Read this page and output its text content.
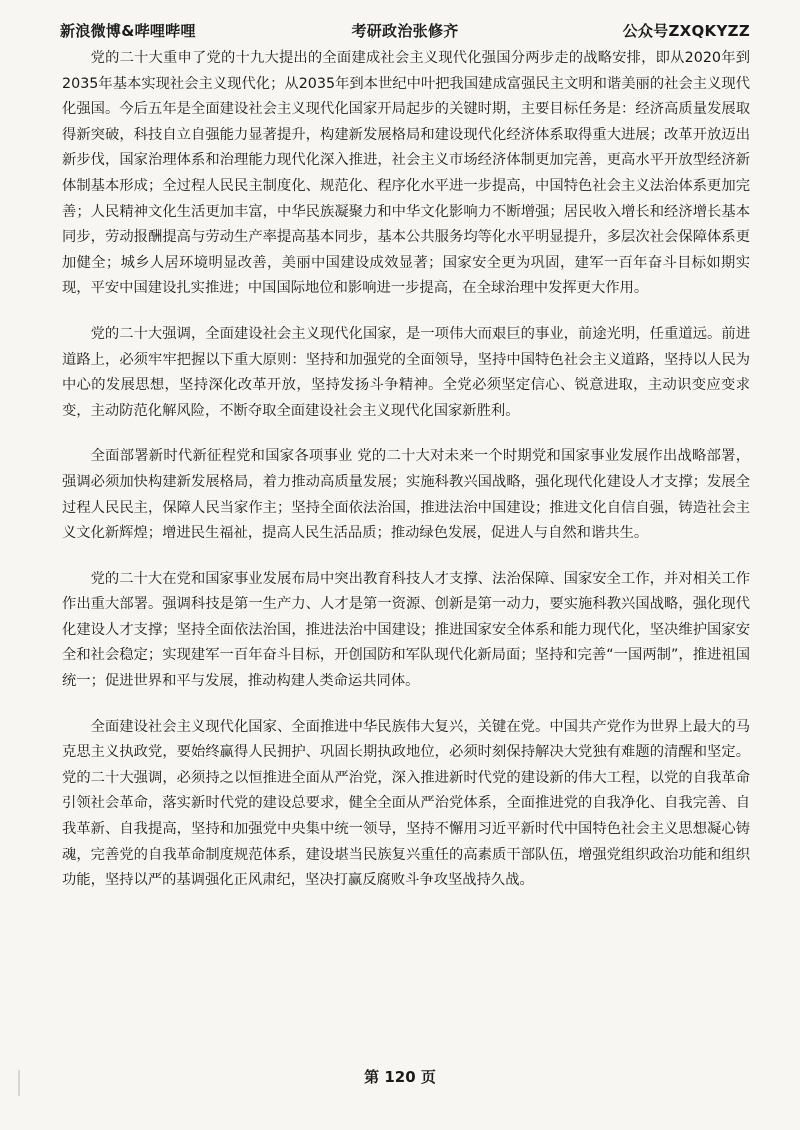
考研政治张修齐
新浪微博&哔哩哔哩	公众号ZXQKYZZ

党的二十大重申了党的十九大提出的全面建成社会主义现代化强国分两步走的战略安排，即从2020年到2035年基本实现社会主义现代化；从2035年到本世纪中叶把我国建成富强民主文明和谐美丽的社会主义现代化强国。今后五年是全面建设社会主义现代化国家开局起步的关键时期，主要目标任务是：经济高质量发展取得新突破，科技自立自强能力显著提升，构建新发展格局和建设现代化经济体系取得重大进展；改革开放迈出新步伐，国家治理体系和治理能力现代化深入推进，社会主义市场经济体制更加完善，更高水平开放型经济新体制基本形成；全过程人民民主制度化、规范化、程序化水平进一步提高，中国特色社会主义法治体系更加完善；人民精神文化生活更加丰富，中华民族凝聚力和中华文化影响力不断增强；居民收入增长和经济增长基本同步，劳动报酬提高与劳动生产率提高基本同步，基本公共服务均等化水平明显提升，多层次社会保障体系更加健全；城乡人居环境明显改善，美丽中国建设成效显著；国家安全更为巩固，建军一百年奋斗目标如期实现，平安中国建设扎实推进；中国国际地位和影响进一步提高，在全球治理中发挥更大作用。

党的二十大强调，全面建设社会主义现代化国家，是一项伟大而艰巨的事业，前途光明，任重道远。前进道路上，必须牢牢把握以下重大原则：坚持和加强党的全面领导，坚持中国特色社会主义道路，坚持以人民为中心的发展思想，坚持深化改革开放，坚持发扬斗争精神。全党必须坚定信心、锐意进取，主动识变应变求变，主动防范化解风险，不断夺取全面建设社会主义现代化国家新胜利。

全面部署新时代新征程党和国家各项事业 党的二十大对未来一个时期党和国家事业发展作出战略部署，强调必须加快构建新发展格局，着力推动高质量发展；实施科教兴国战略，强化现代化建设人才支撑；发展全过程人民民主，保障人民当家作主；坚持全面依法治国，推进法治中国建设；推进文化自信自强，铸造社会主义文化新辉煌；增进民生福祉，提高人民生活品质；推动绿色发展，促进人与自然和谐共生。

党的二十大在党和国家事业发展布局中突出教育科技人才支撑、法治保障、国家安全工作，并对相关工作作出重大部署。强调科技是第一生产力、人才是第一资源、创新是第一动力，要实施科教兴国战略，强化现代化建设人才支撑；坚持全面依法治国，推进法治中国建设；推进国家安全体系和能力现代化，坚决维护国家安全和社会稳定；实现建军一百年奋斗目标，开创国防和军队现代化新局面；坚持和完善“一国两制”，推进祖国统一；促进世界和平与发展，推动构建人类命运共同体。

全面建设社会主义现代化国家、全面推进中华民族伟大复兴，关键在党。中国共产党作为世界上最大的马克思主义执政党，要始终赢得人民拥护、巩固长期执政地位，必须时刻保持解决大党独有难题的清醒和坚定。党的二十大强调，必须持之以恒推进全面从严治党，深入推进新时代党的建设新的伟大工程，以党的自我革命引领社会革命，落实新时代党的建设总要求，健全全面从严治党体系，全面推进党的自我净化、自我完善、自我革新、自我提高，坚持和加强党中央集中统一领导，坚持不懈用习近平新时代中国特色社会主义思想凝心铸魂，完善党的自我革命制度规范体系，建设堪当民族复兴重任的高素质干部队伍，增强党组织政治功能和组织功能，坚持以严的基调强化正风肃纪，坚决打赢反腐败斗争攻坚战持久战。

第 120 页
